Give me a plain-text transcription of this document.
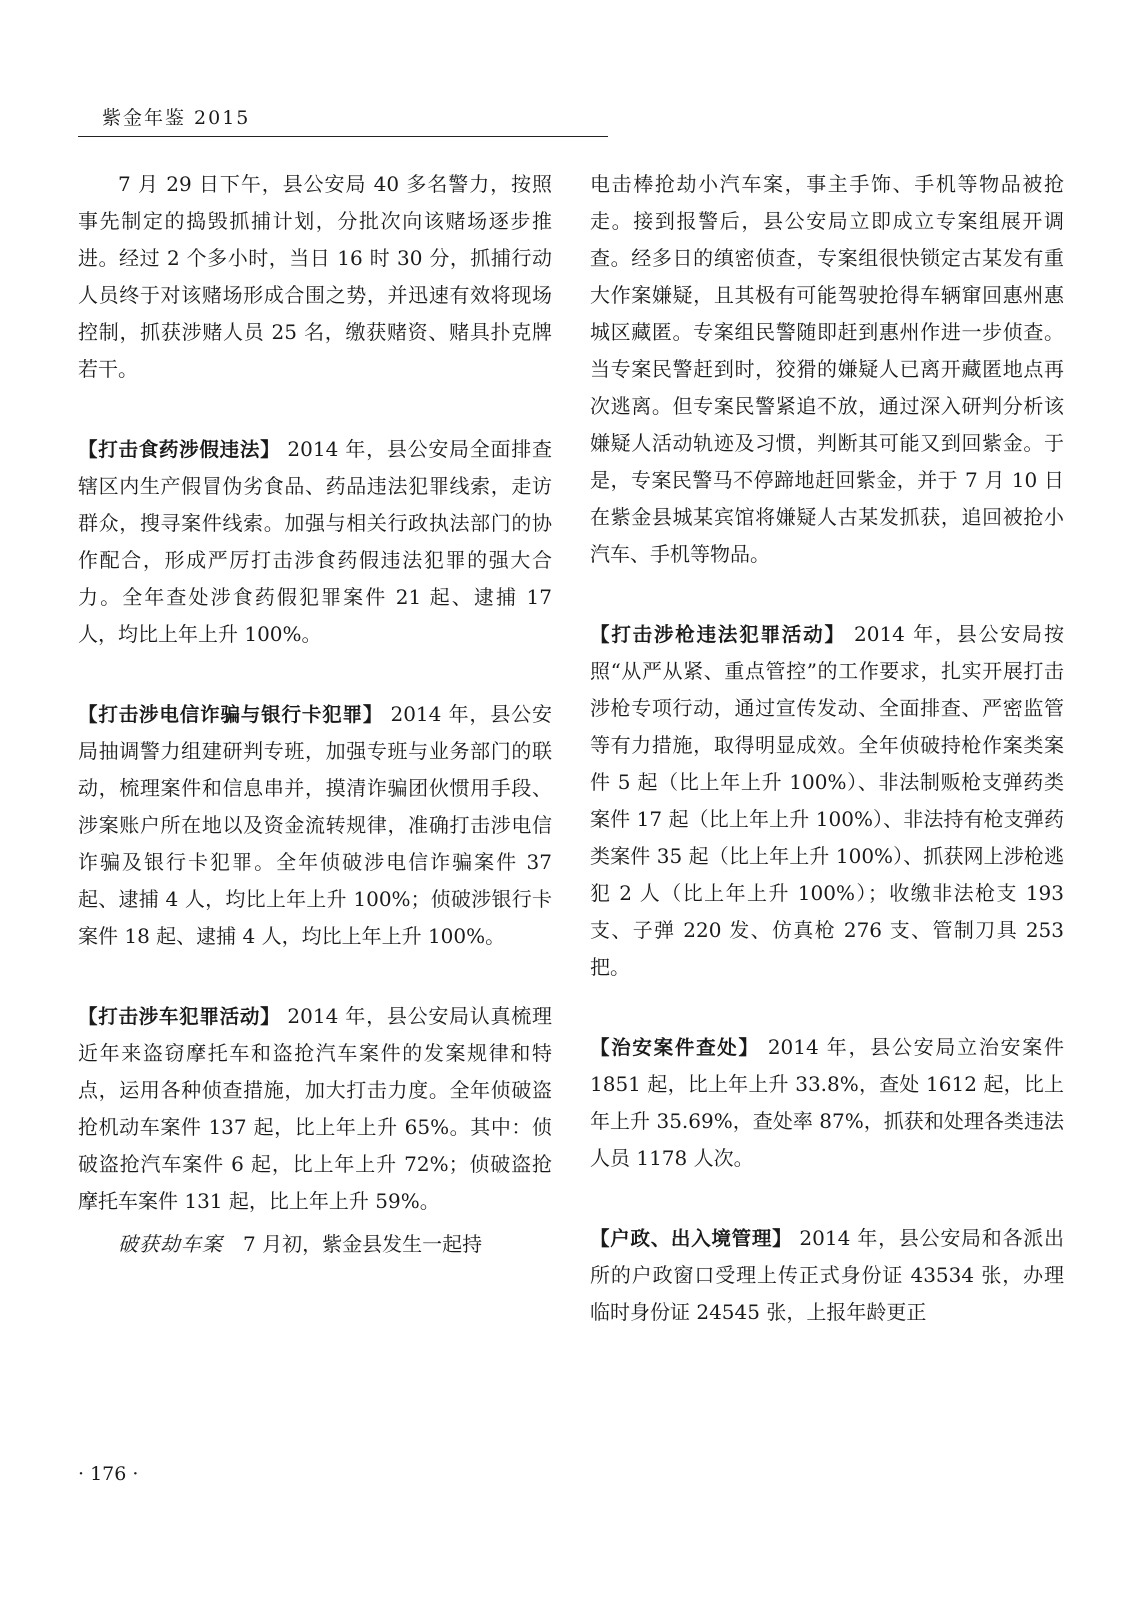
紫金年鉴 2015

7 月 29 日下午，县公安局 40 多名警力，按照事先制定的捣毁抓捕计划，分批次向该赌场逐步推进。经过 2 个多小时，当日 16 时 30 分，抓捕行动人员终于对该赌场形成合围之势，并迅速有效将现场控制，抓获涉赌人员 25 名，缴获赌资、赌具扑克牌若干。

【打击食药涉假违法】 2014 年，县公安局全面排查辖区内生产假冒伪劣食品、药品违法犯罪线索，走访群众，搜寻案件线索。加强与相关行政执法部门的协作配合，形成严厉打击涉食药假违法犯罪的强大合力。全年查处涉食药假犯罪案件 21 起、逮捕 17 人，均比上年上升 100%。

【打击涉电信诈骗与银行卡犯罪】 2014 年，县公安局抽调警力组建研判专班，加强专班与业务部门的联动，梳理案件和信息串并，摸清诈骗团伙惯用手段、涉案账户所在地以及资金流转规律，准确打击涉电信诈骗及银行卡犯罪。全年侦破涉电信诈骗案件 37 起、逮捕 4 人，均比上年上升 100%；侦破涉银行卡案件 18 起、逮捕 4 人，均比上年上升 100%。

【打击涉车犯罪活动】 2014 年，县公安局认真梳理近年来盗窃摩托车和盗抢汽车案件的发案规律和特点，运用各种侦查措施，加大打击力度。全年侦破盗抢机动车案件 137 起，比上年上升 65%。其中：侦破盗抢汽车案件 6 起，比上年上升 72%；侦破盗抢摩托车案件 131 起，比上年上升 59%。

破获劫车案　7 月初，紫金县发生一起持

电击棒抢劫小汽车案，事主手饰、手机等物品被抢走。接到报警后，县公安局立即成立专案组展开调查。经多日的缜密侦查，专案组很快锁定古某发有重大作案嫌疑，且其极有可能驾驶抢得车辆窜回惠州惠城区藏匿。专案组民警随即赶到惠州作进一步侦查。当专案民警赶到时，狡猾的嫌疑人已离开藏匿地点再次逃离。但专案民警紧追不放，通过深入研判分析该嫌疑人活动轨迹及习惯，判断其可能又到回紫金。于是，专案民警马不停蹄地赶回紫金，并于 7 月 10 日在紫金县城某宾馆将嫌疑人古某发抓获，追回被抢小汽车、手机等物品。

【打击涉枪违法犯罪活动】 2014 年，县公安局按照“从严从紧、重点管控”的工作要求，扎实开展打击涉枪专项行动，通过宣传发动、全面排查、严密监管等有力措施，取得明显成效。全年侦破持枪作案类案件 5 起（比上年上升 100%）、非法制贩枪支弹药类案件 17 起（比上年上升 100%）、非法持有枪支弹药类案件 35 起（比上年上升 100%）、抓获网上涉枪逃犯 2 人（比上年上升 100%）；收缴非法枪支 193 支、子弹 220 发、仿真枪 276 支、管制刀具 253 把。

【治安案件查处】 2014 年，县公安局立治安案件 1851 起，比上年上升 33.8%，查处 1612 起，比上年上升 35.69%，查处率 87%，抓获和处理各类违法人员 1178 人次。

【户政、出入境管理】 2014 年，县公安局和各派出所的户政窗口受理上传正式身份证 43534 张，办理临时身份证 24545 张，上报年龄更正

· 176 ·
